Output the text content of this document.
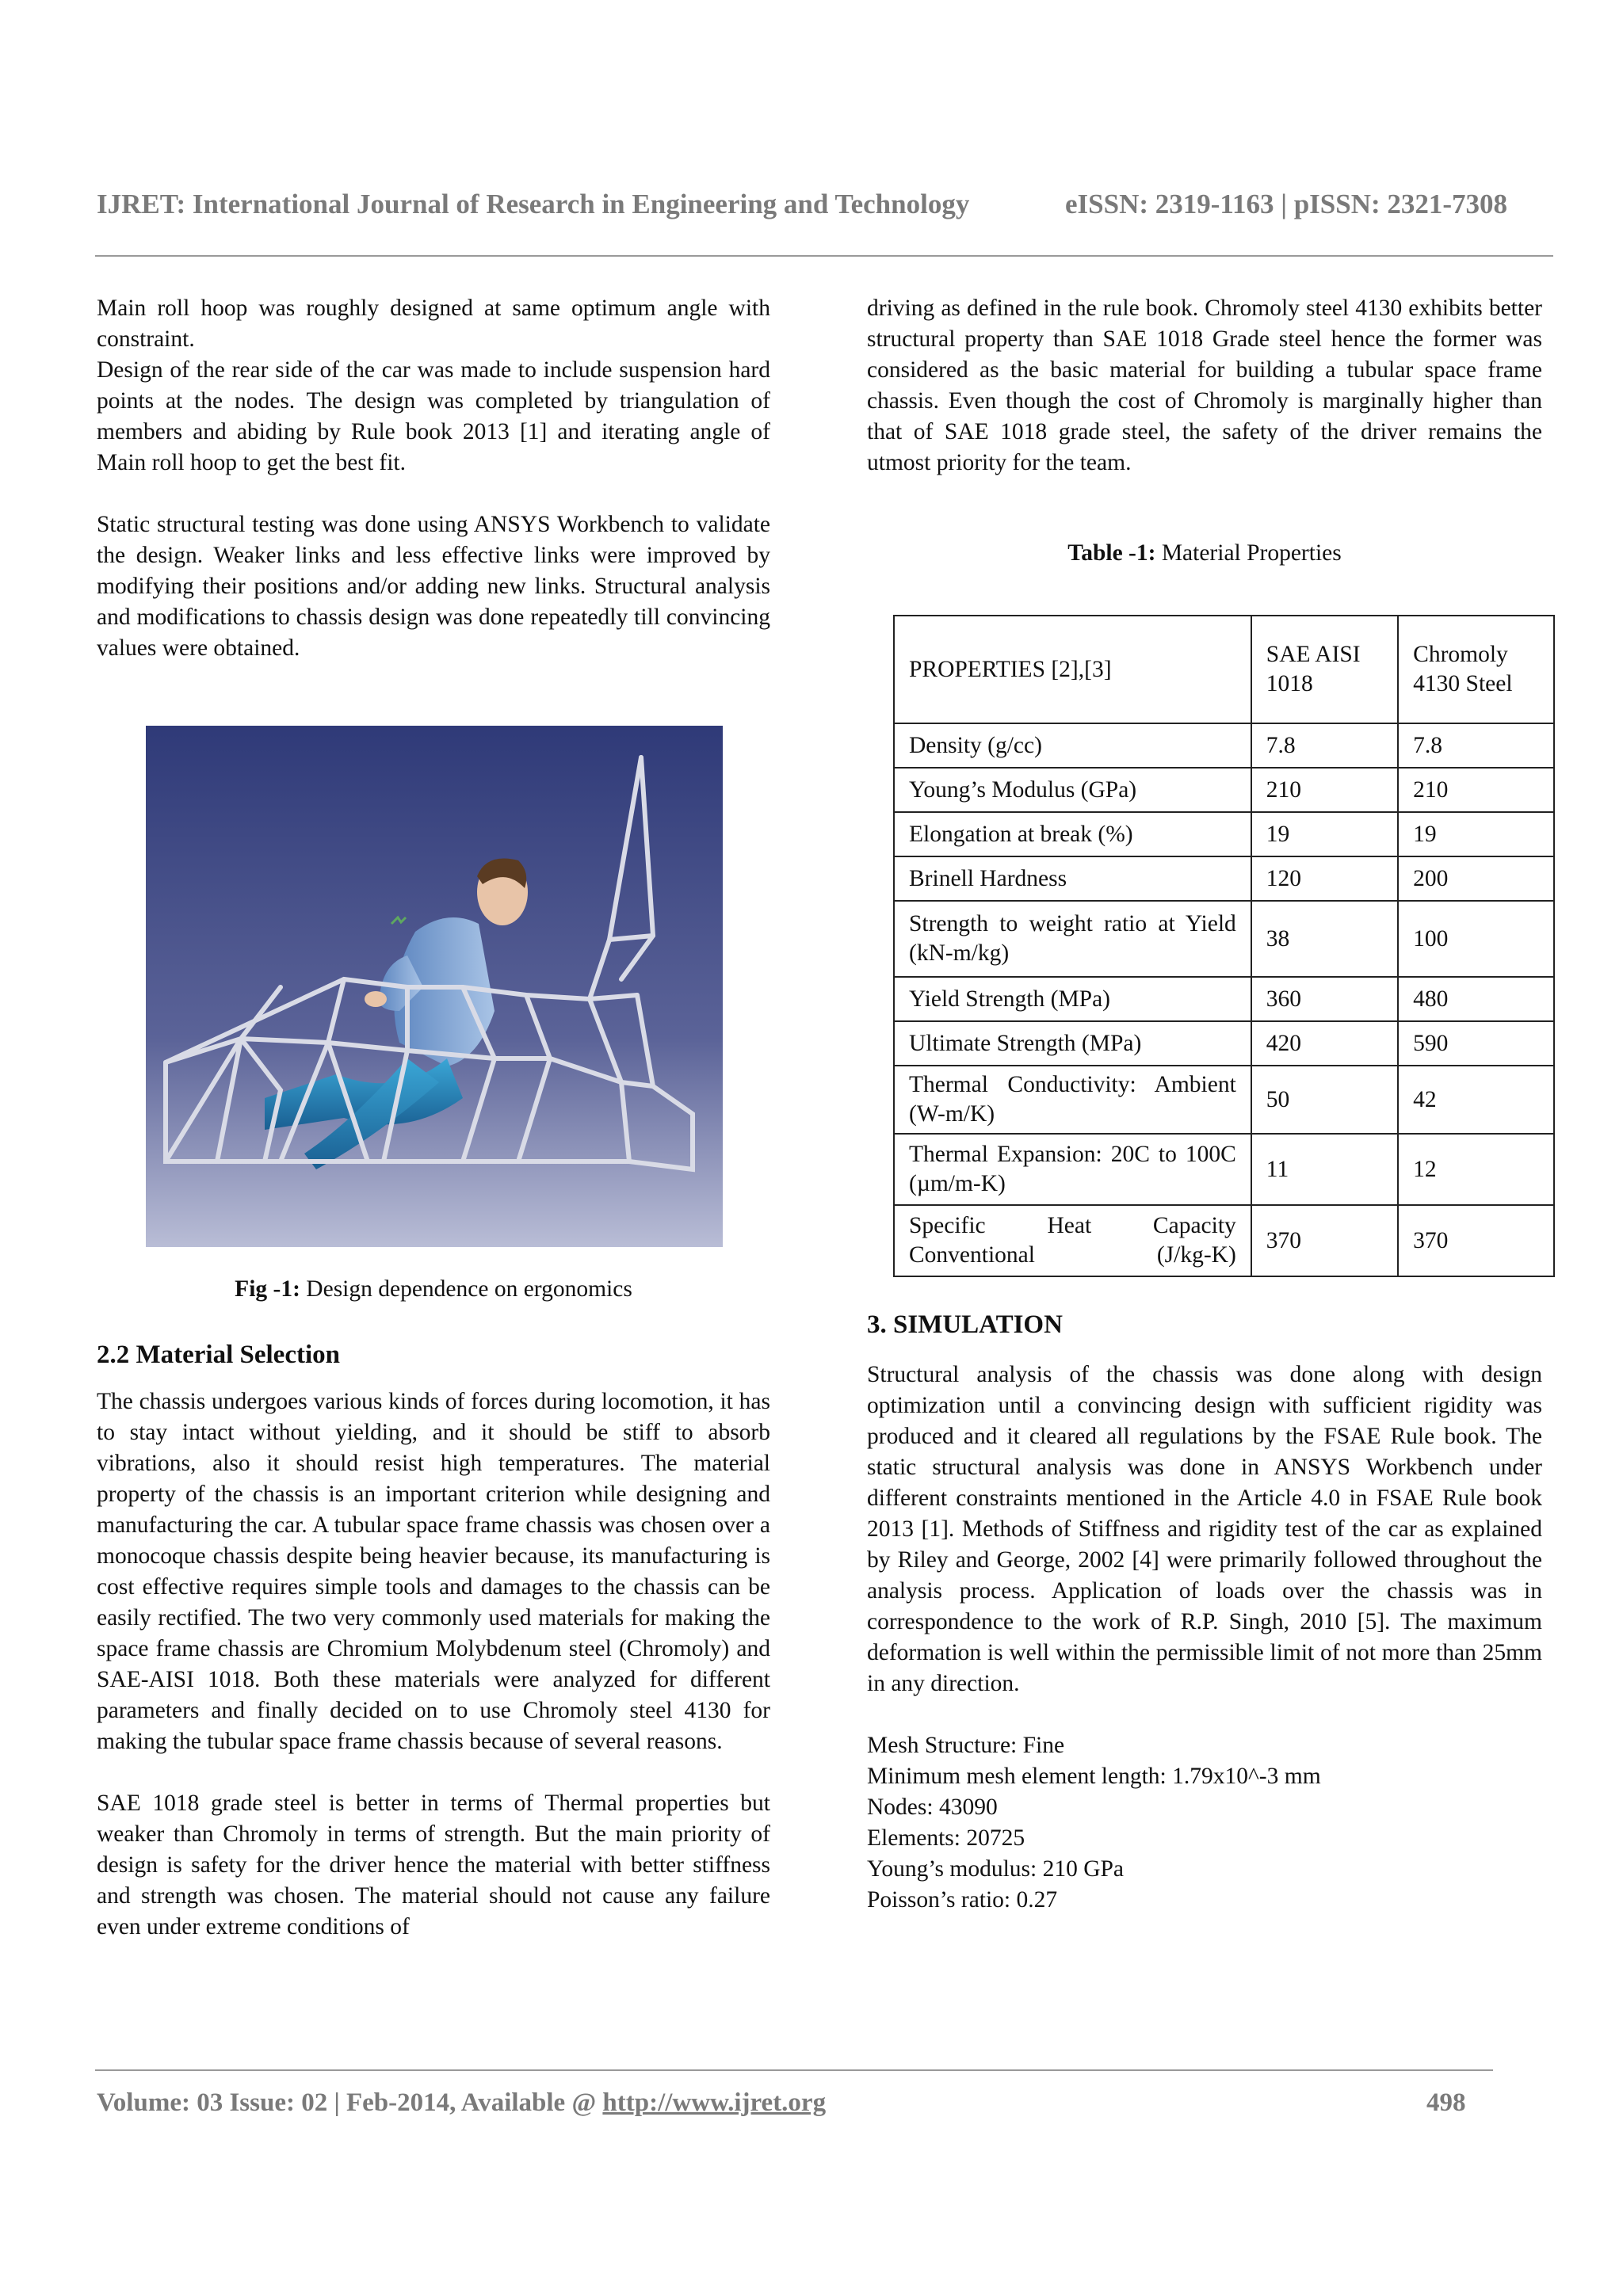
IJRET: International Journal of Research in Engineering and Technology	eISSN: 2319-1163 | pISSN: 2321-7308

Main roll hoop was roughly designed at same optimum angle with constraint.

Design of the rear side of the car was made to include suspension hard points at the nodes. The design was completed by triangulation of members and abiding by Rule book 2013 [1] and iterating angle of Main roll hoop to get the best fit.

Static structural testing was done using ANSYS Workbench to validate the design. Weaker links and less effective links were improved by modifying their positions and/or adding new links. Structural analysis and modifications to chassis design was done repeatedly till convincing values were obtained.

Fig -1: Design dependence on ergonomics
2.2 Material Selection

The chassis undergoes various kinds of forces during locomotion, it has to stay intact without yielding, and it should be stiff to absorb vibrations, also it should resist high temperatures. The material property of the chassis is an important criterion while designing and manufacturing the car. A tubular space frame chassis was chosen over a monocoque chassis despite being heavier because, its manufacturing is cost effective requires simple tools and damages to the chassis can be easily rectified. The two very commonly used materials for making the space frame chassis are Chromium Molybdenum steel (Chromoly) and SAE-AISI 1018. Both these materials were analyzed for different parameters and finally decided on to use Chromoly steel 4130 for making the tubular space frame chassis because of several reasons.

SAE 1018 grade steel is better in terms of Thermal properties but weaker than Chromoly in terms of strength. But the main priority of design is safety for the driver hence the material with better stiffness and strength was chosen. The material should not cause any failure even under extreme conditions of

driving as defined in the rule book. Chromoly steel 4130 exhibits better structural property than SAE 1018 Grade steel hence the former was considered as the basic material for building a tubular space frame chassis. Even though the cost of Chromoly is marginally higher than that of SAE 1018 grade steel, the safety of the driver remains the utmost priority for the team.

Table -1: Material Properties
PROPERTIES [2],[3]	SAE AISI 1018	Chromoly 4130 Steel
Density (g/cc)	7.8	7.8
Young’s Modulus (GPa)	210	210
Elongation at break (%)	19	19
Brinell Hardness	120	200
Strength to weight ratio at Yield (kN-m/kg)	38	100
Yield Strength (MPa)	360	480
Ultimate Strength (MPa)	420	590
Thermal Conductivity: Ambient (W-m/K)	50	42
Thermal Expansion: 20C to 100C (µm/m-K)	11	12
Specific Heat Capacity Conventional (J/kg-K)	370	370
3. SIMULATION

Structural analysis of the chassis was done along with design optimization until a convincing design with sufficient rigidity was produced and it cleared all regulations by the FSAE Rule book. The static structural analysis was done in ANSYS Workbench under different constraints mentioned in the Article 4.0 in FSAE Rule book 2013 [1]. Methods of Stiffness and rigidity test of the car as explained by Riley and George, 2002 [4] were primarily followed throughout the analysis process. Application of loads over the chassis was in correspondence to the work of R.P. Singh, 2010 [5]. The maximum deformation is well within the permissible limit of not more than 25mm in any direction.

Mesh Structure: Fine

Minimum mesh element length: 1.79x10^-3 mm

Nodes: 43090

Elements: 20725

Young’s modulus: 210 GPa

Poisson’s ratio: 0.27

Volume: 03 Issue: 02 | Feb-2014, Available @ http://www.ijret.org	498
